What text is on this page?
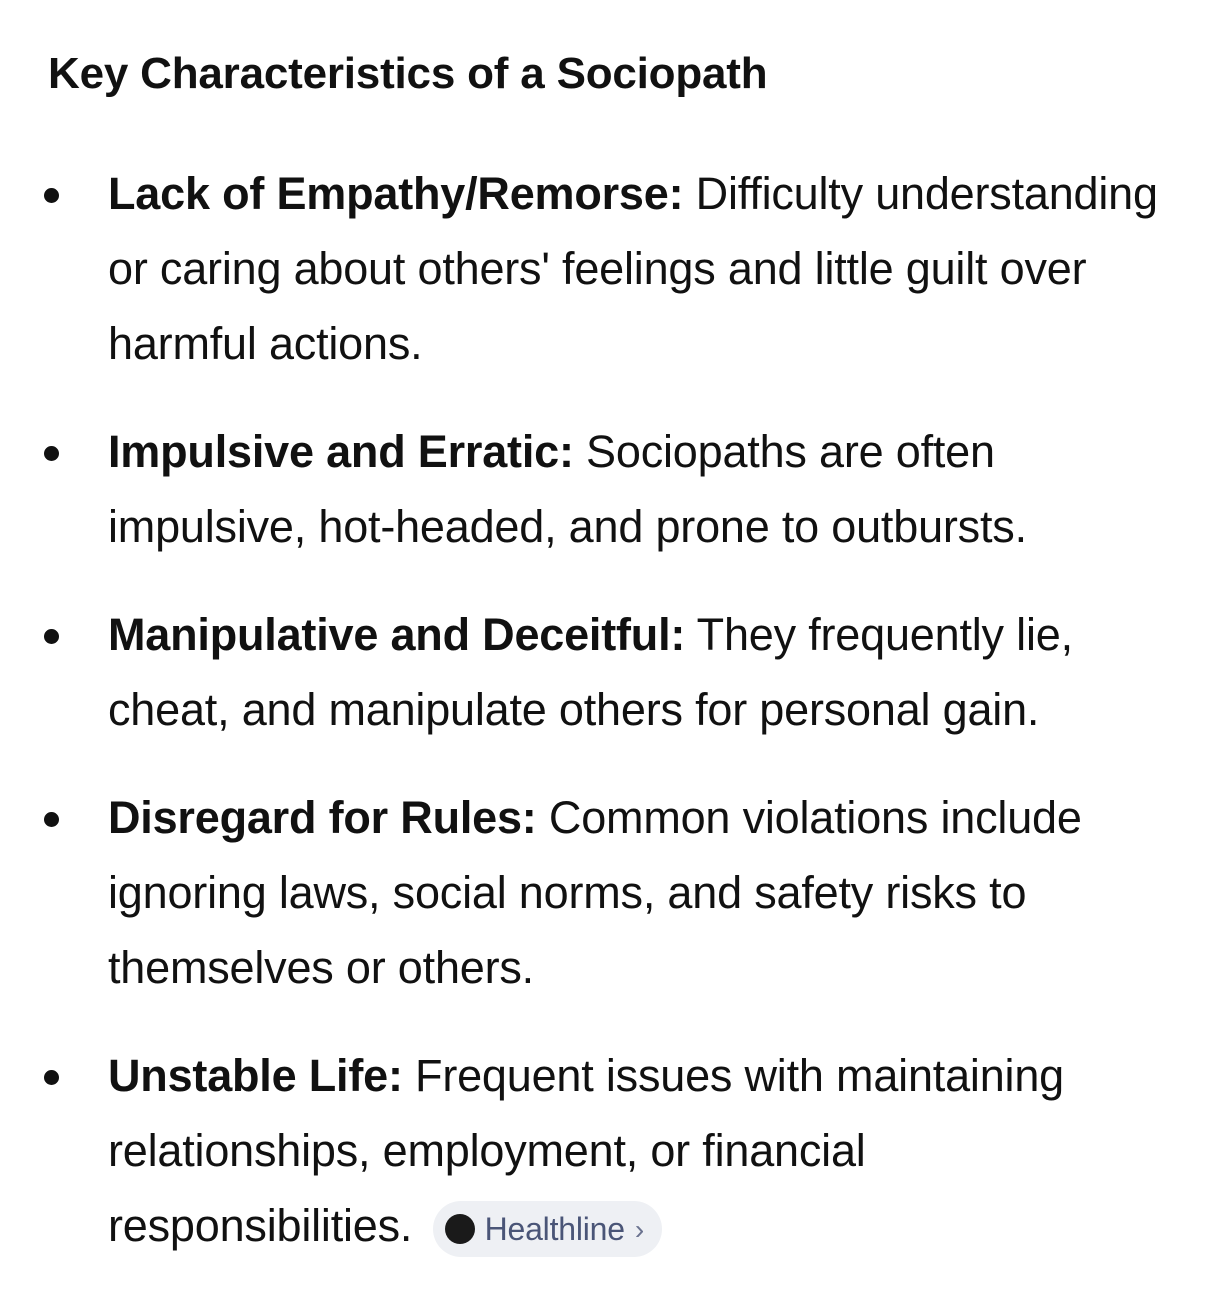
Key Characteristics of a Sociopath
Lack of Empathy/Remorse: Difficulty understanding or caring about others' feelings and little guilt over harmful actions.
Impulsive and Erratic: Sociopaths are often impulsive, hot-headed, and prone to outbursts.
Manipulative and Deceitful: They frequently lie, cheat, and manipulate others for personal gain.
Disregard for Rules: Common violations include ignoring laws, social norms, and safety risks to themselves or others.
Unstable Life: Frequent issues with maintaining relationships, employment, or financial responsibilities. Healthline ›
